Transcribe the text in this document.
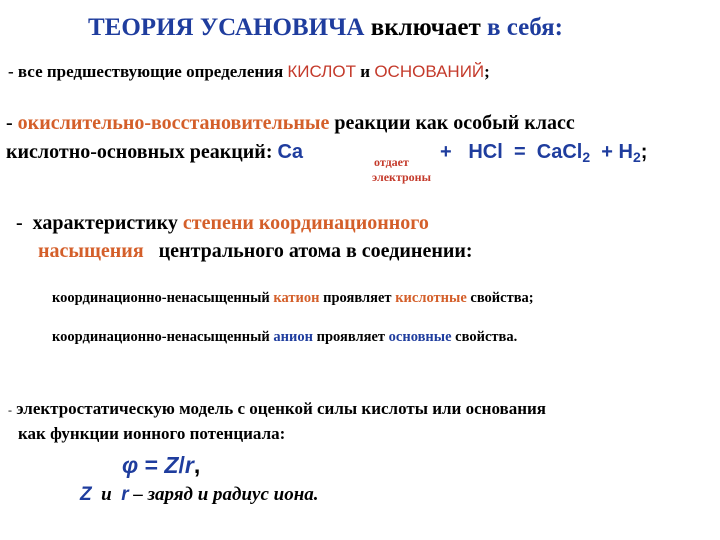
ТЕОРИЯ УСАНОВИЧА включает в себя:
- все предшествующие определения КИСЛОТ и ОСНОВАНИЙ;
- окислительно-восстановительные реакции как особый класс
кислотно-основных реакций: Ca	отдает
электроны
+ HCl = CaCl$_2$ + $H_2$;
- характеристику степени координационного
насыщения центрального атома в соединении:
координационно-ненасыщенный катион проявляет кислотные свойства;
координационно-ненасыщенный анион проявляет основные свойства.
- электростатическую модель с оценкой силы кислоты или основания
как функции ионного потенциала:
φ = Z/r,
Z и r – заряд и радиус иона.
